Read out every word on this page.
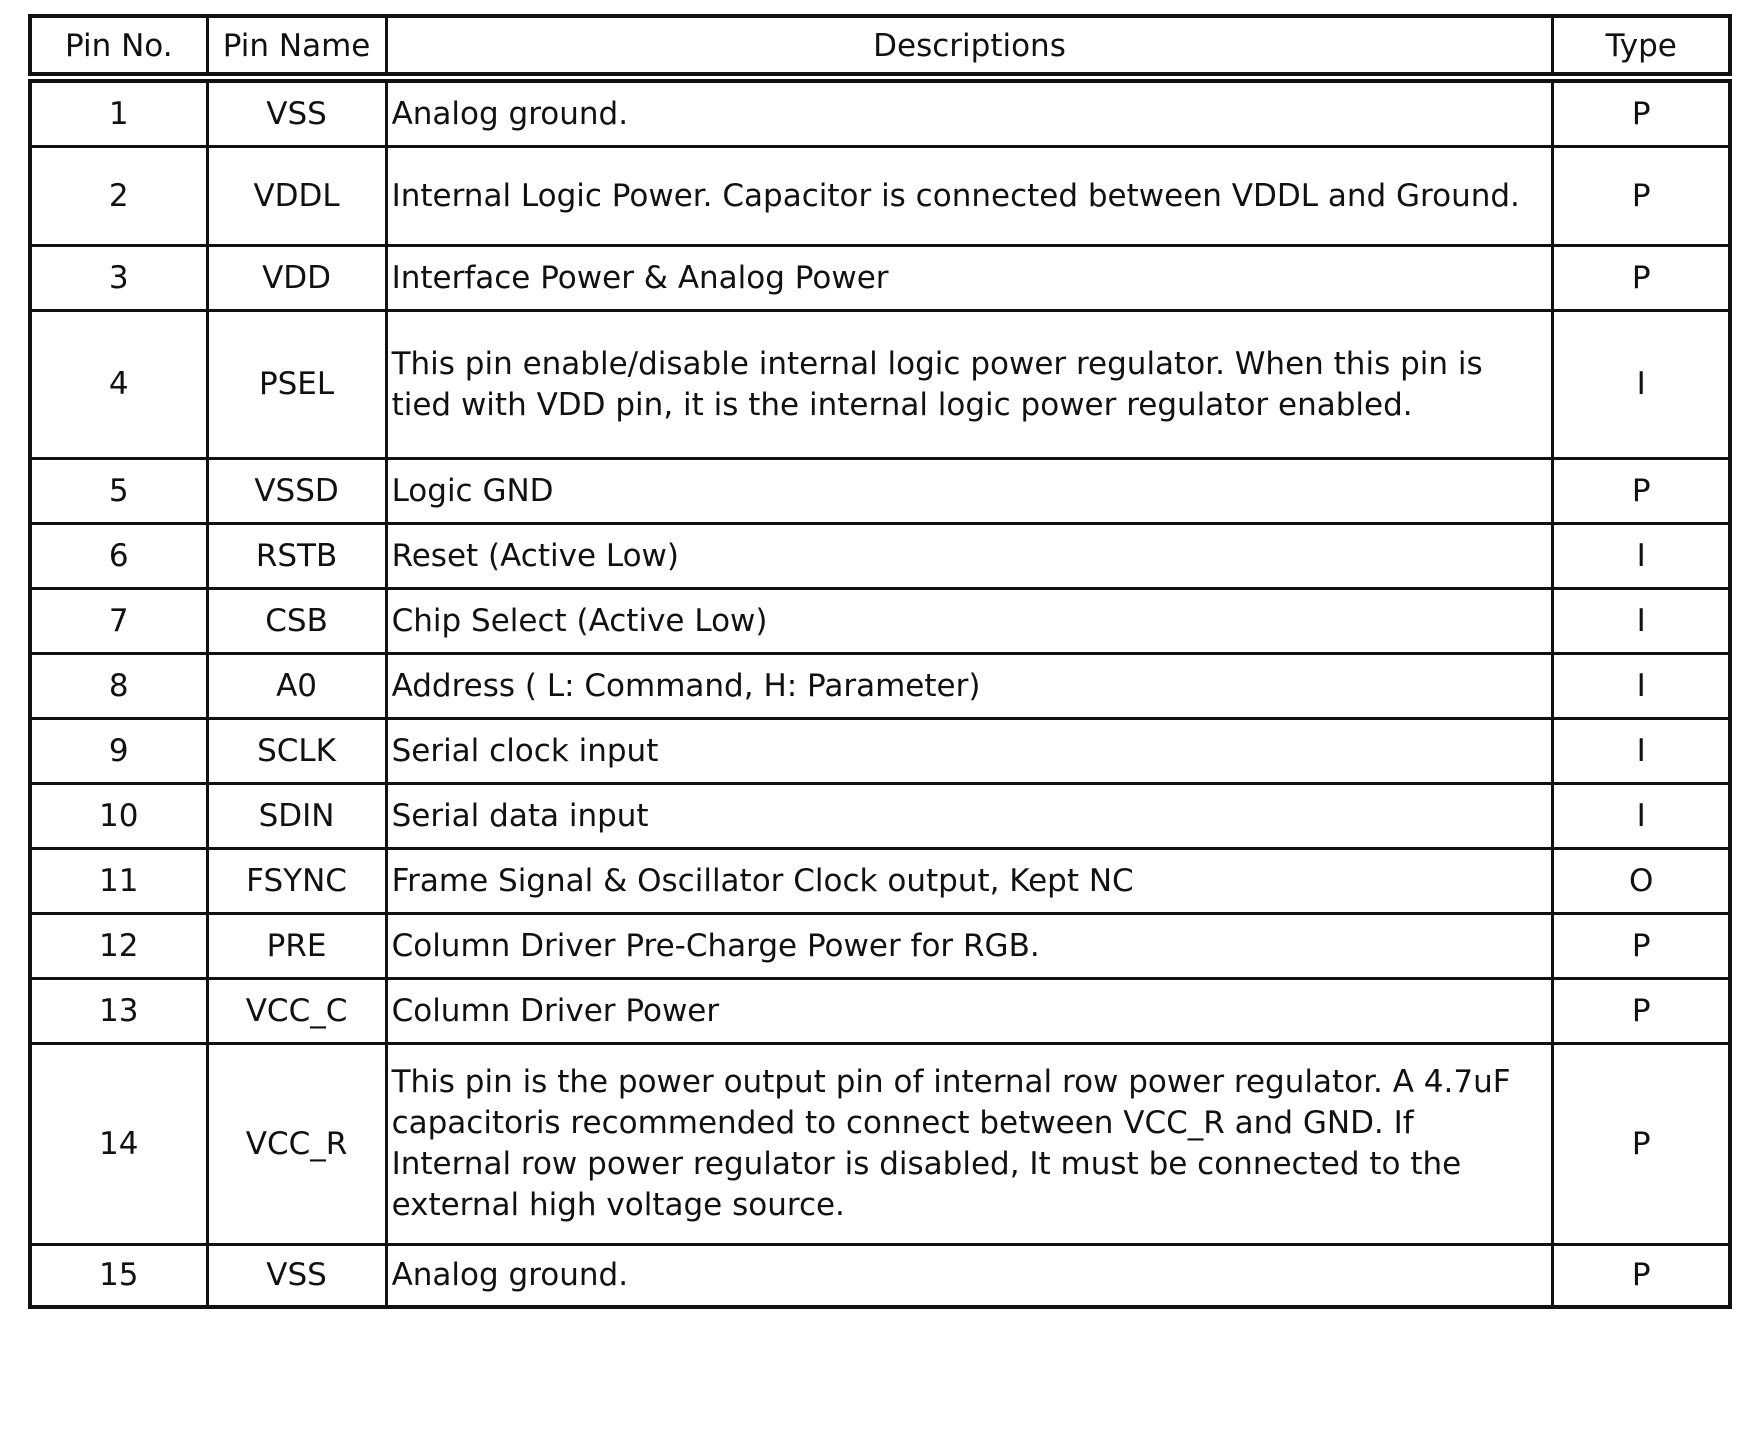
Pin No.	Pin Name	Descriptions	Type
1	VSS	Analog ground.	P
2	VDDL	Internal Logic Power. Capacitor is connected between VDDL and Ground.	P
3	VDD	Interface Power & Analog Power	P
4	PSEL	This pin enable/disable internal logic power regulator. When this pin is tied with VDD pin, it is the internal logic power regulator enabled.	I
5	VSSD	Logic GND	P
6	RSTB	Reset (Active Low)	I
7	CSB	Chip Select (Active Low)	I
8	A0	Address ( L: Command, H: Parameter)	I
9	SCLK	Serial clock input	I
10	SDIN	Serial data input	I
11	FSYNC	Frame Signal & Oscillator Clock output, Kept NC	O
12	PRE	Column Driver Pre-Charge Power for RGB.	P
13	VCC_C	Column Driver Power	P
14	VCC_R	This pin is the power output pin of internal row power regulator. A 4.7uF capacitoris recommended to connect between VCC_R and GND. If Internal row power regulator is disabled, It must be connected to the external high voltage source.	P
15	VSS	Analog ground.	P
